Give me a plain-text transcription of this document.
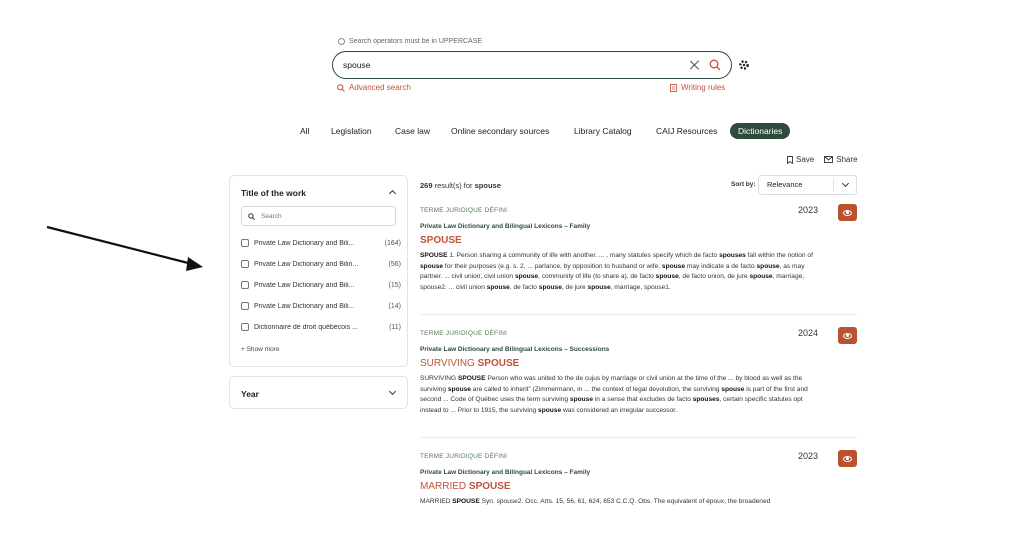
Search operators must be in UPPERCASE
spouse
Advanced search	Writing rules
All	Legislation	Case law Online secondary sources	Library Catalog	CAIJ Resources	Dictionaries
Save	Share
Title of the work
Search
Private Law Dictionary and Bili...	(164)
Private Law Dictionary and Bilin...	(56)
Private Law Dictionary and Bili...	(15)
Private Law Dictionary and Bili...	(14)
Dictionnaire de droit québécois ...	(11)
+ Show more
Year
269 result(s) for spouse	Sort by:	Relevance
TERME JURIDIQUE DÉFINI	2023
Private Law Dictionary and Bilingual Lexicons – Family
SPOUSE
SPOUSE 1. Person sharing a community of life with another. ... , many statutes specify which de facto spouses fall within the notion of spouse for their purposes (e.g. s. 2, ... parlance, by opposition to husband or wife, spouse may indicate a de facto spouse, as may partner. ... civil union, civil union spouse, community of life (to share a), de facto spouse, de facto union, de jure spouse, marriage, spouse2. ... civil union spouse, de facto spouse, de jure spouse, marriage, spouse1.
TERME JURIDIQUE DÉFINI	2024
Private Law Dictionary and Bilingual Lexicons – Successions
SURVIVING SPOUSE
SURVIVING SPOUSE Person who was united to the de cujus by marriage or civil union at the time of the ... by blood as well as the surviving spouse are called to inherit” (Zimmermann, in ... the context of legal devolution, the surviving spouse is part of the first and second ... Code of Québec uses the term surviving spouse in a sense that excludes de facto spouses, certain specific statutes opt instead to ... Prior to 1915, the surviving spouse was considered an irregular successor.
TERME JURIDIQUE DÉFINI	2023
Private Law Dictionary and Bilingual Lexicons – Family
MARRIED SPOUSE
MARRIED SPOUSE Syn. spouse2. Occ. Arts. 15, 56, 61, 624, 653 C.C.Q. Obs. The equivalent of époux, the broadened
